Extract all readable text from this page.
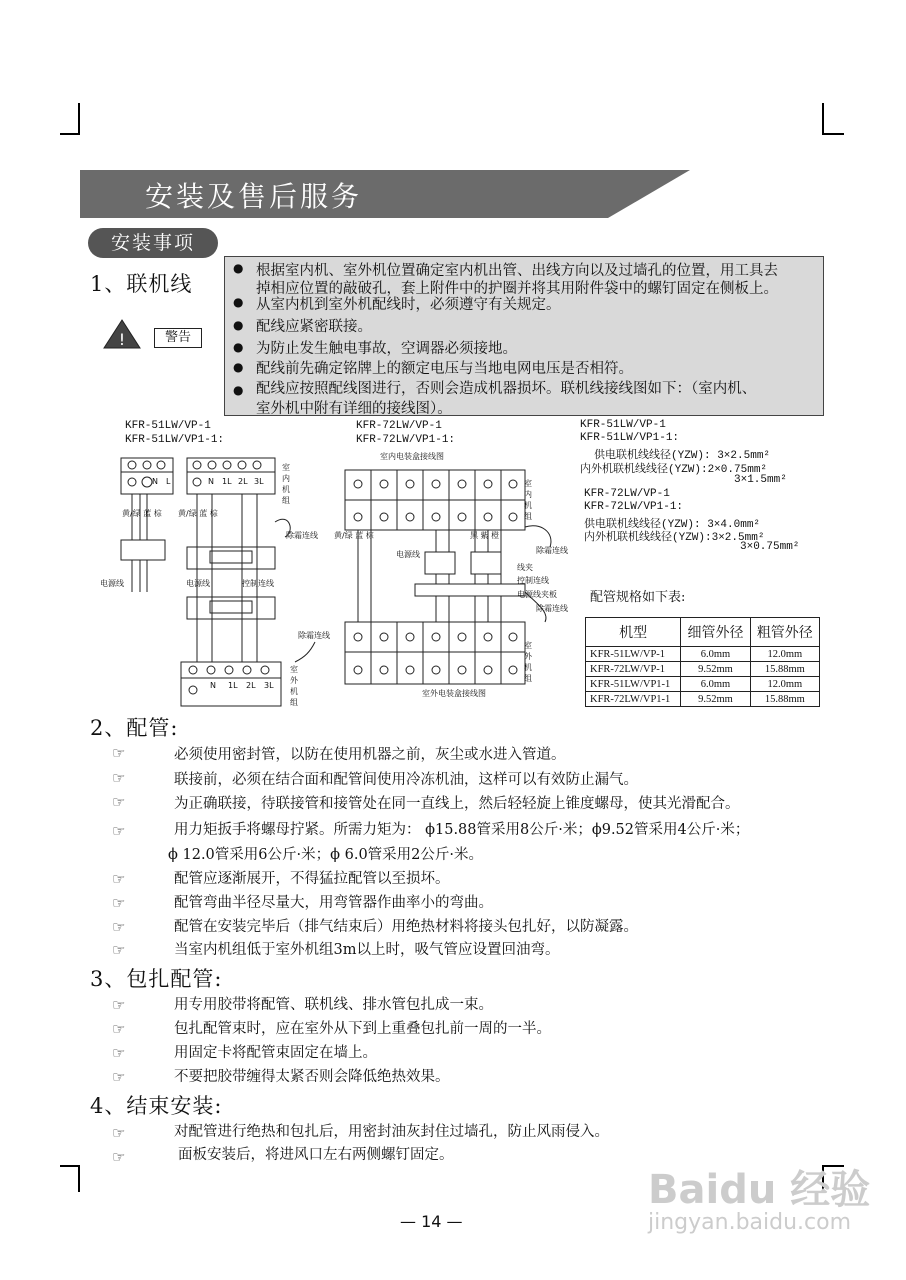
安装及售后服务
安装事项
1、联机线
!	警告
●
●
●
●
●
●
根据室内机、室外机位置确定室内机出管、出线方向以及过墙孔的位置，用工具去
掉相应位置的敲破孔，套上附件中的护圈并将其用附件袋中的螺钉固定在侧板上。
从室内机到室外机配线时，必须遵守有关规定。
配线应紧密联接。
为防止发生触电事故，空调器必须接地。
配线前先确定铭牌上的额定电压与当地电网电压是否相符。
配线应按照配线图进行，否则会造成机器损坏。联机线接线图如下：（室内机、
室外机中附有详细的接线图）。
KFR-51LW/VP-1
KFR-51LW/VP1-1:
KFR-72LW/VP-1
KFR-72LW/VP1-1:
室内电装盒接线图
室外电装盒接线图
N L	N 1L 2L 3L
N 1L 2L 3L
黄/绿 蓝 棕 黄/绿 蓝 棕
黄/绿 蓝 棕	黑 紫 橙
电源线	电源线	控制连线
除霜连线
除霜连线
除霜连线
除霜连线
电源线
控制连线
电源线夹板
线夹
室内机组
室外机组
室内机组
室外机组
KFR-51LW/VP-1
KFR-51LW/VP1-1:
供电联机线线径(YZW): 3×2.5mm²
内外机联机线线径(YZW):2×0.75mm²
3×1.5mm²
KFR-72LW/VP-1
KFR-72LW/VP1-1:
供电联机线线径(YZW): 3×4.0mm²
内外机联机线线径(YZW):3×2.5mm²
3×0.75mm²
配管规格如下表:
机型	细管外径	粗管外径
KFR-51LW/VP-1	6.0mm	12.0mm
KFR-72LW/VP-1	9.52mm	15.88mm
KFR-51LW/VP1-1	6.0mm	12.0mm
KFR-72LW/VP1-1	9.52mm	15.88mm
2、配管:
☞	必须使用密封管，以防在使用机器之前，灰尘或水进入管道。
☞	联接前，必须在结合面和配管间使用冷冻机油，这样可以有效防止漏气。
☞	为正确联接，待联接管和接管处在同一直线上，然后轻轻旋上锥度螺母，使其光滑配合。
☞	用力矩扳手将螺母拧紧。所需力矩为： ϕ15.88管采用8公斤·米；ϕ9.52管采用4公斤·米；
ϕ 12.0管采用6公斤·米；ϕ 6.0管采用2公斤·米。
☞	配管应逐渐展开，不得猛拉配管以至损坏。
☞	配管弯曲半径尽量大，用弯管器作曲率小的弯曲。
☞	配管在安装完毕后（排气结束后）用绝热材料将接头包扎好，以防凝露。
☞	当室内机组低于室外机组3m以上时，吸气管应设置回油弯。
3、包扎配管:
☞	用专用胶带将配管、联机线、排水管包扎成一束。
☞	包扎配管束时，应在室外从下到上重叠包扎前一周的一半。
☞	用固定卡将配管束固定在墙上。
☞	不要把胶带缠得太紧否则会降低绝热效果。
4、结束安装:
☞	对配管进行绝热和包扎后，用密封油灰封住过墙孔，防止风雨侵入。
☞	面板安装后，将进风口左右两侧螺钉固定。
— 14 —
Baidu 经验
jingyan.baidu.com
